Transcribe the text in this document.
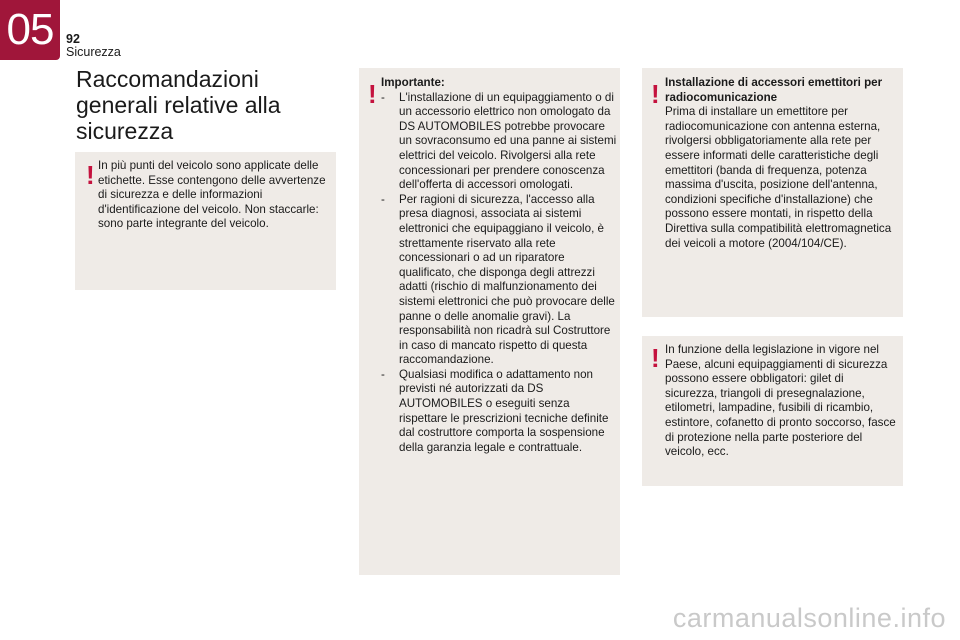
05 92
Sicurezza
Raccomandazioni generali relative alla sicurezza
! In più punti del veicolo sono applicate delle etichette. Esse contengono delle avvertenze di sicurezza e delle informazioni d'identificazione del veicolo. Non staccarle: sono parte integrante del veicolo.

! Importante:
- L'installazione di un equipaggiamento o di un accessorio elettrico non omologato da DS AUTOMOBILES potrebbe provocare un sovraconsumo ed una panne ai sistemi elettrici del veicolo. Rivolgersi alla rete concessionari per prendere conoscenza dell'offerta di accessori omologati.
- Per ragioni di sicurezza, l'accesso alla presa diagnosi, associata ai sistemi elettronici che equipaggiano il veicolo, è strettamente riservato alla rete concessionari o ad un riparatore qualificato, che disponga degli attrezzi adatti (rischio di malfunzionamento dei sistemi elettronici che può provocare delle panne o delle anomalie gravi). La responsabilità non ricadrà sul Costruttore in caso di mancato rispetto di questa raccomandazione.
- Qualsiasi modifica o adattamento non previsti né autorizzati da DS AUTOMOBILES o eseguiti senza rispettare le prescrizioni tecniche definite dal costruttore comporta la sospensione della garanzia legale e contrattuale.
! Installazione di accessori emettitori per radiocomunicazione

Prima di installare un emettitore per radiocomunicazione con antenna esterna, rivolgersi obbligatoriamente alla rete per essere informati delle caratteristiche degli emettitori (banda di frequenza, potenza massima d'uscita, posizione dell'antenna, condizioni specifiche d'installazione) che possono essere montati, in rispetto della Direttiva sulla compatibilità elettromagnetica dei veicoli a motore (2004/104/CE).

! In funzione della legislazione in vigore nel Paese, alcuni equipaggiamenti di sicurezza possono essere obbligatori: gilet di sicurezza, triangoli di presegnalazione, etilometri, lampadine, fusibili di ricambio, estintore, cofanetto di pronto soccorso, fasce di protezione nella parte posteriore del veicolo, ecc.

carmanualsonline.info
